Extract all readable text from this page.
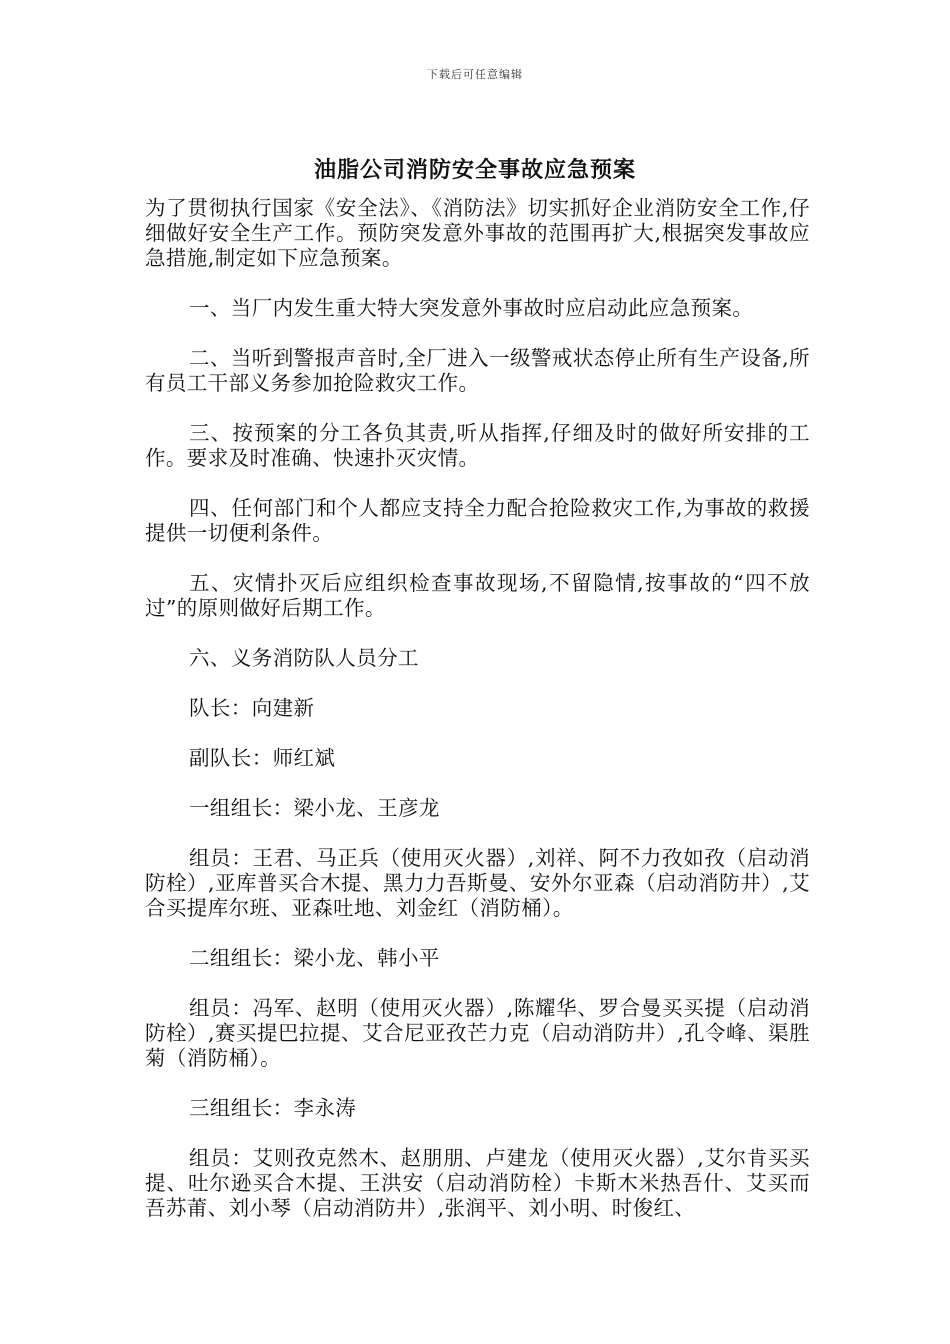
下载后可任意编辑
油脂公司消防安全事故应急预案

为了贯彻执行国家《安全法》、《消防法》切实抓好企业消防安全工作,仔细做好安全生产工作。预防突发意外事故的范围再扩大,根据突发事故应急措施,制定如下应急预案。

一、当厂内发生重大特大突发意外事故时应启动此应急预案。

二、当听到警报声音时,全厂进入一级警戒状态停止所有生产设备,所有员工干部义务参加抢险救灾工作。

三、按预案的分工各负其责,听从指挥,仔细及时的做好所安排的工作。要求及时准确、快速扑灭灾情。

四、任何部门和个人都应支持全力配合抢险救灾工作,为事故的救援提供一切便利条件。

五、灾情扑灭后应组织检查事故现场,不留隐情,按事故的“四不放过”的原则做好后期工作。

六、义务消防队人员分工

队长：向建新

副队长：师红斌

一组组长：梁小龙、王彦龙

组员：王君、马正兵（使用灭火器）,刘祥、阿不力孜如孜（启动消防栓）,亚库普买合木提、黑力力吾斯曼、安外尔亚森（启动消防井）,艾合买提库尔班、亚森吐地、刘金红（消防桶）。

二组组长：梁小龙、韩小平

组员：冯军、赵明（使用灭火器）,陈耀华、罗合曼买买提（启动消防栓）,赛买提巴拉提、艾合尼亚孜芒力克（启动消防井）,孔令峰、渠胜菊（消防桶）。

三组组长：李永涛

组员：艾则孜克然木、赵朋朋、卢建龙（使用灭火器）,艾尔肯买买提、吐尔逊买合木提、王洪安（启动消防栓）卡斯木米热吾什、艾买而吾苏莆、刘小琴（启动消防井）,张润平、刘小明、时俊红、
